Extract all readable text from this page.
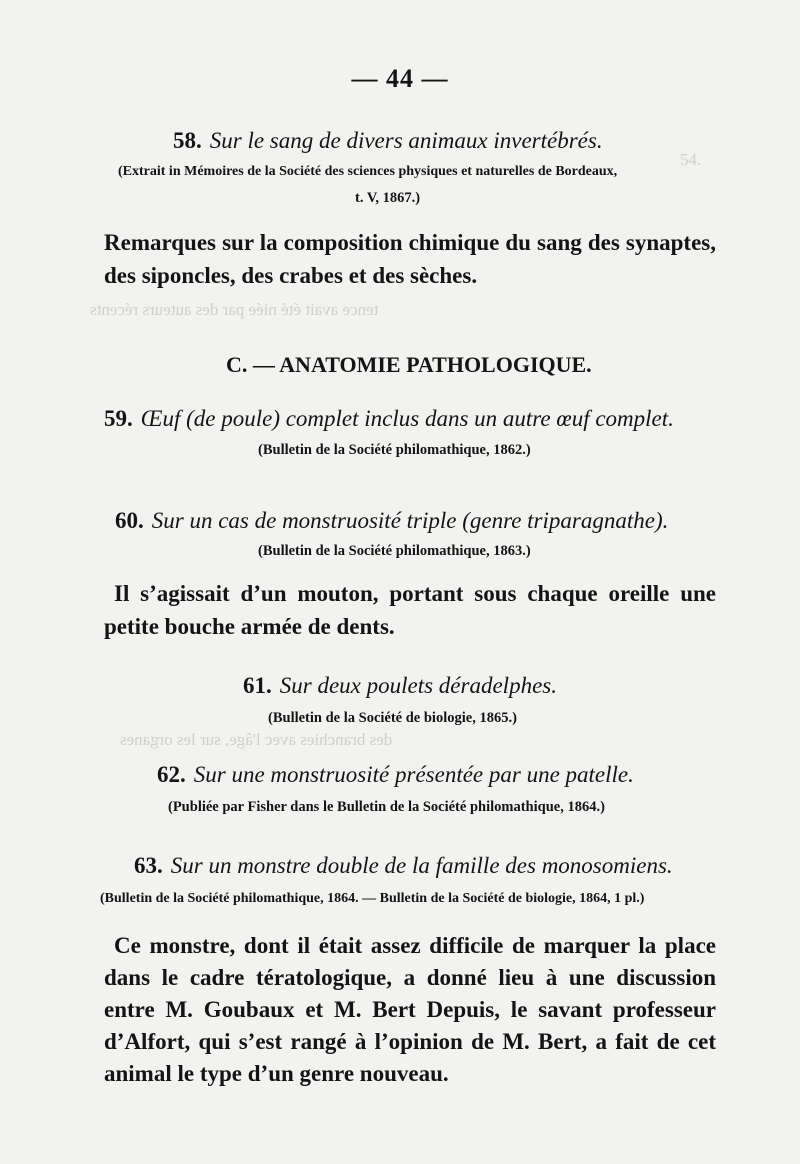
54.
tence avait été niée par des auteurs récents
des branchies avec l'âge, sur les organes
— 44 —
58. Sur le sang de divers animaux invertébrés.
(Extrait in Mémoires de la Société des sciences physiques et naturelles de Bordeaux,
t. V, 1867.)
Remarques sur la composition chimique du sang des synaptes, des siponcles, des crabes et des sèches.
C. — ANATOMIE PATHOLOGIQUE.
59. Œuf (de poule) complet inclus dans un autre œuf complet.
(Bulletin de la Société philomathique, 1862.)
60. Sur un cas de monstruosité triple (genre triparagnathe).
(Bulletin de la Société philomathique, 1863.)
Il s’agissait d’un mouton, portant sous chaque oreille une petite bouche armée de dents.
61. Sur deux poulets déradelphes.
(Bulletin de la Société de biologie, 1865.)
62. Sur une monstruosité présentée par une patelle.
(Publiée par Fisher dans le Bulletin de la Société philomathique, 1864.)
63. Sur un monstre double de la famille des monosomiens.
(Bulletin de la Société philomathique, 1864. — Bulletin de la Société de biologie, 1864, 1 pl.)
Ce monstre, dont il était assez difficile de marquer la place dans le cadre tératologique, a donné lieu à une discussion entre M. Goubaux et M. Bert Depuis, le savant professeur d’Alfort, qui s’est rangé à l’opinion de M. Bert, a fait de cet animal le type d’un genre nouveau.
